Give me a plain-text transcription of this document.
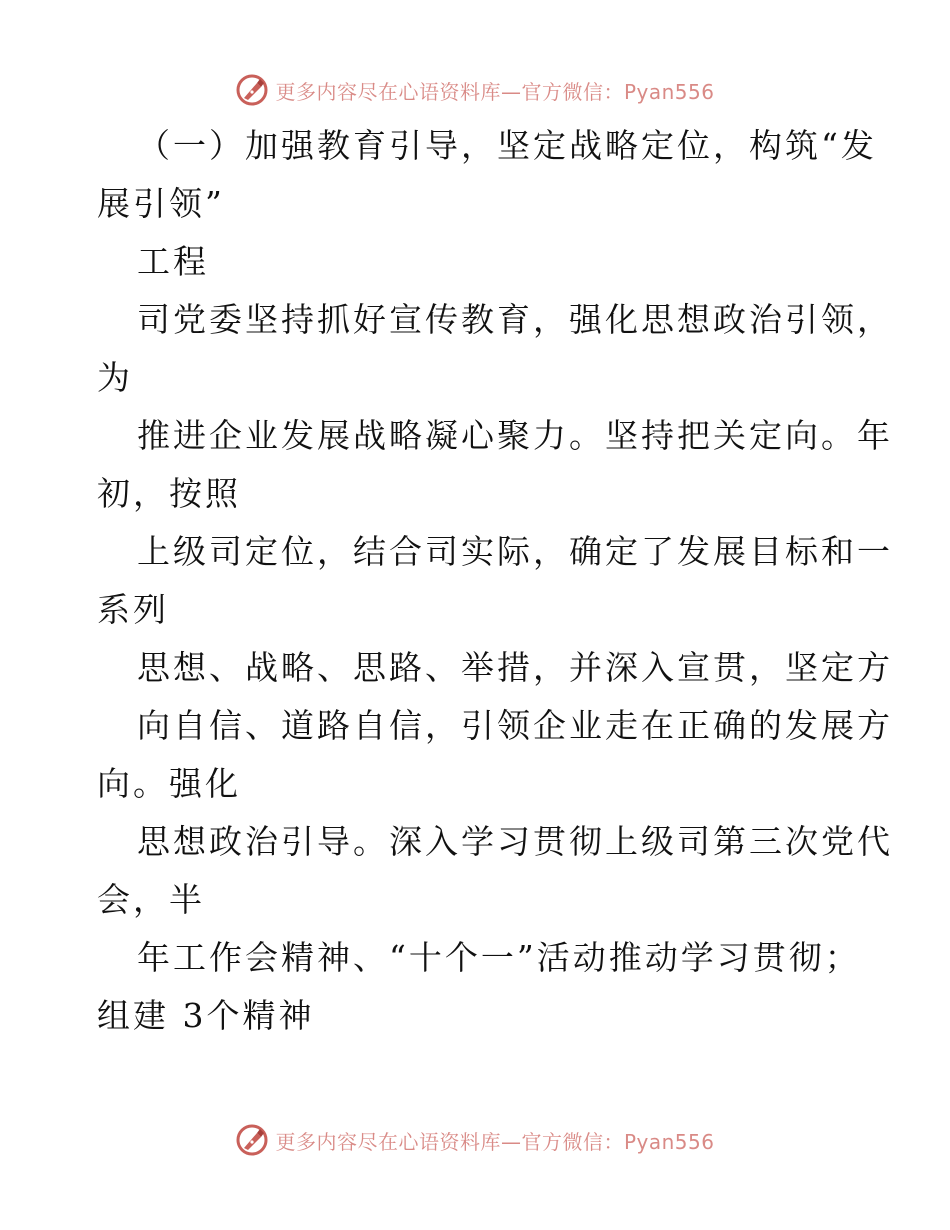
更多内容尽在心语资料库—官方微信：Pyan556
（一）加强教育引导，坚定战略定位，构筑“发
展引领”
工程
司党委坚持抓好宣传教育，强化思想政治引领，
为
推进企业发展战略凝心聚力。坚持把关定向。年
初，按照
上级司定位，结合司实际，确定了发展目标和一
系列
思想、战略、思路、举措，并深入宣贯，坚定方
向自信、道路自信，引领企业走在正确的发展方
向。强化
思想政治引导。深入学习贯彻上级司第三次党代
会，半
年工作会精神、“十个一”活动推动学习贯彻；
组建 3个精神
更多内容尽在心语资料库—官方微信：Pyan556
